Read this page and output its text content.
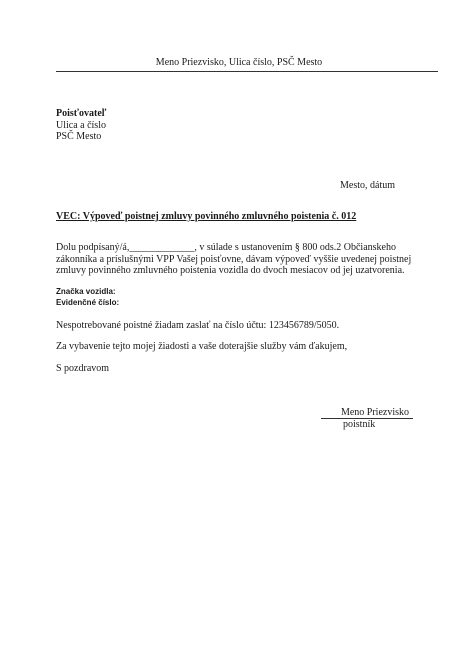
Meno Priezvisko, Ulica číslo, PSČ Mesto
Poisťovateľ
Ulica a číslo
PSČ Mesto
Mesto, dátum
VEC: Výpoveď poistnej zmluvy povinného zmluvného poistenia č. 012
Dolu podpísaný/á,_____________, v súlade s ustanovením § 800 ods.2 Občianskeho
zákonníka a príslušnými VPP Vašej poisťovne, dávam výpoveď vyššie uvedenej poistnej
zmluvy povinného zmluvného poistenia vozidla do dvoch mesiacov od jej uzatvorenia.
Značka vozidla:
Evidenčné číslo:
Nespotrebované poistné žiadam zaslať na číslo účtu: 123456789/5050.
Za vybavenie tejto mojej žiadosti a vaše doterajšie služby vám ďakujem,
S pozdravom
Meno Priezvisko
poistník
